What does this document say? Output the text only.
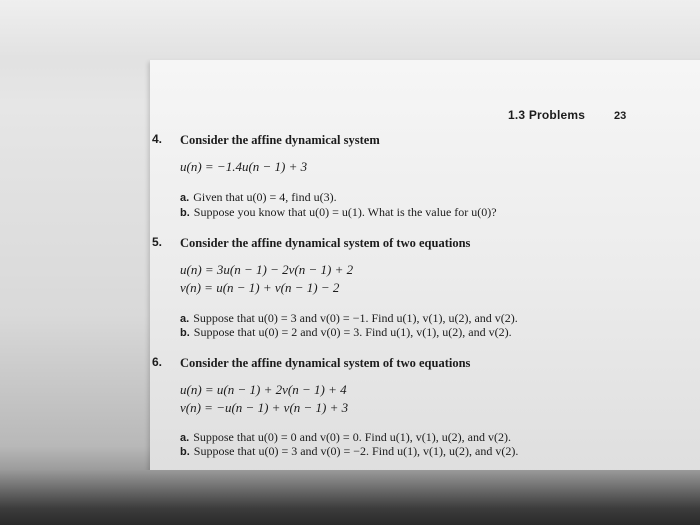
1.3 Problems	23
4. Consider the affine dynamical system
u(n) = −1.4u(n − 1) + 3
a. Given that u(0) = 4, find u(3).
b. Suppose you know that u(0) = u(1). What is the value for u(0)?
5. Consider the affine dynamical system of two equations
u(n) = 3u(n − 1) − 2v(n − 1) + 2
v(n) = u(n − 1) + v(n − 1) − 2
a. Suppose that u(0) = 3 and v(0) = −1. Find u(1), v(1), u(2), and v(2).
b. Suppose that u(0) = 2 and v(0) = 3. Find u(1), v(1), u(2), and v(2).
6. Consider the affine dynamical system of two equations
u(n) = u(n − 1) + 2v(n − 1) + 4
v(n) = −u(n − 1) + v(n − 1) + 3
a. Suppose that u(0) = 0 and v(0) = 0. Find u(1), v(1), u(2), and v(2).
b. Suppose that u(0) = 3 and v(0) = −2. Find u(1), v(1), u(2), and v(2).
